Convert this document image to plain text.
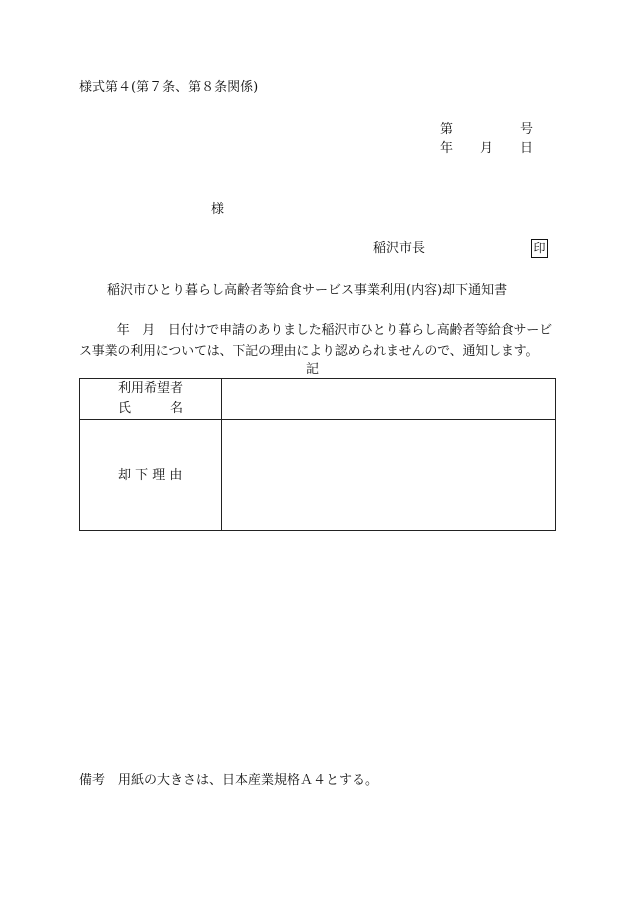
様式第４(第７条、第８条関係)
第	号
年 月 日
様
稲沢市長	印
稲沢市ひとり暮らし高齢者等給食サービス事業利用(内容)却下通知書
年　月　日付けで申請のありました稲沢市ひとり暮らし高齢者等給食サービス事業の利用については、下記の理由により認められませんので、通知します。
記
利用希望者
氏　　　名
却 下 理 由
備考　用紙の大きさは、日本産業規格Ａ４とする。
